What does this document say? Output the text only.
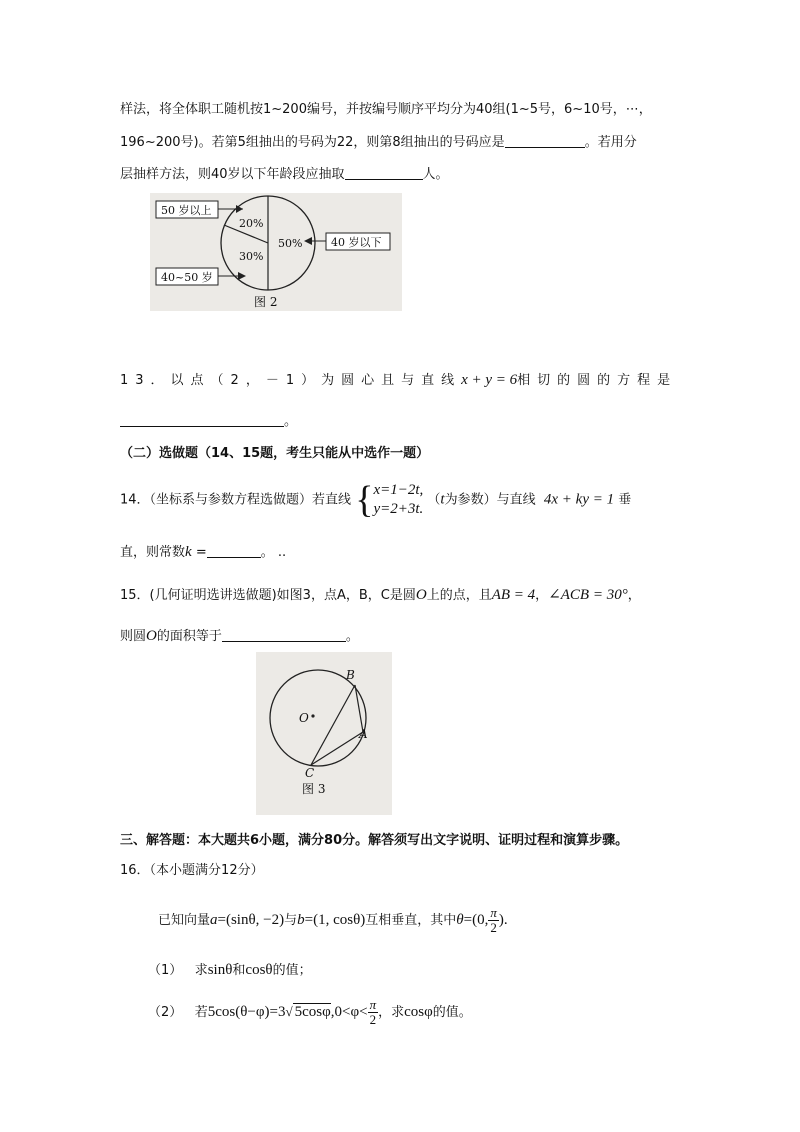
样法，将全体职工随机按1~200编号，并按编号顺序平均分为40组(1~5号，6~10号，⋯，
196~200号)。若第5组抽出的号码为22，则第8组抽出的号码应是	。若用分
层抽样方法，则40岁以下年龄段应抽取	人。
50 岁以上
40 岁以下
40~50 岁
20%
30%
50%
图 2
13．以点（2，－1）为圆心且与直线x + y = 6相切的圆的方程是
。
（二）选做题（14、15题，考生只能从中选作一题）
14．（坐标系与参数方程选做题）若直线 { x=1−2t,
y=2+3t.
（t为参数）与直线 4x + ky = 1 垂
直，则常数k =	。 ..
15．(几何证明选讲选做题)如图3，点A，B，C是圆O上的点，且AB = 4，∠ACB = 30°，
则圆O的面积等于	。
B
A
C
O
图 3
三、解答题：本大题共6小题，满分80分。解答须写出文字说明、证明过程和演算步骤。
16．（本小题满分12分）
已知向量a=(sinθ, −2)与b=(1, cosθ)互相垂直，其中θ=(0, $\frac{\pi}{2}$ ).
（1） 求sinθ和cosθ的值；
（2） 若5cos(θ−φ)=3√ $5\cos\varphi,0<\varphi< \frac{\pi}{2}$ ，求cosφ的值。
